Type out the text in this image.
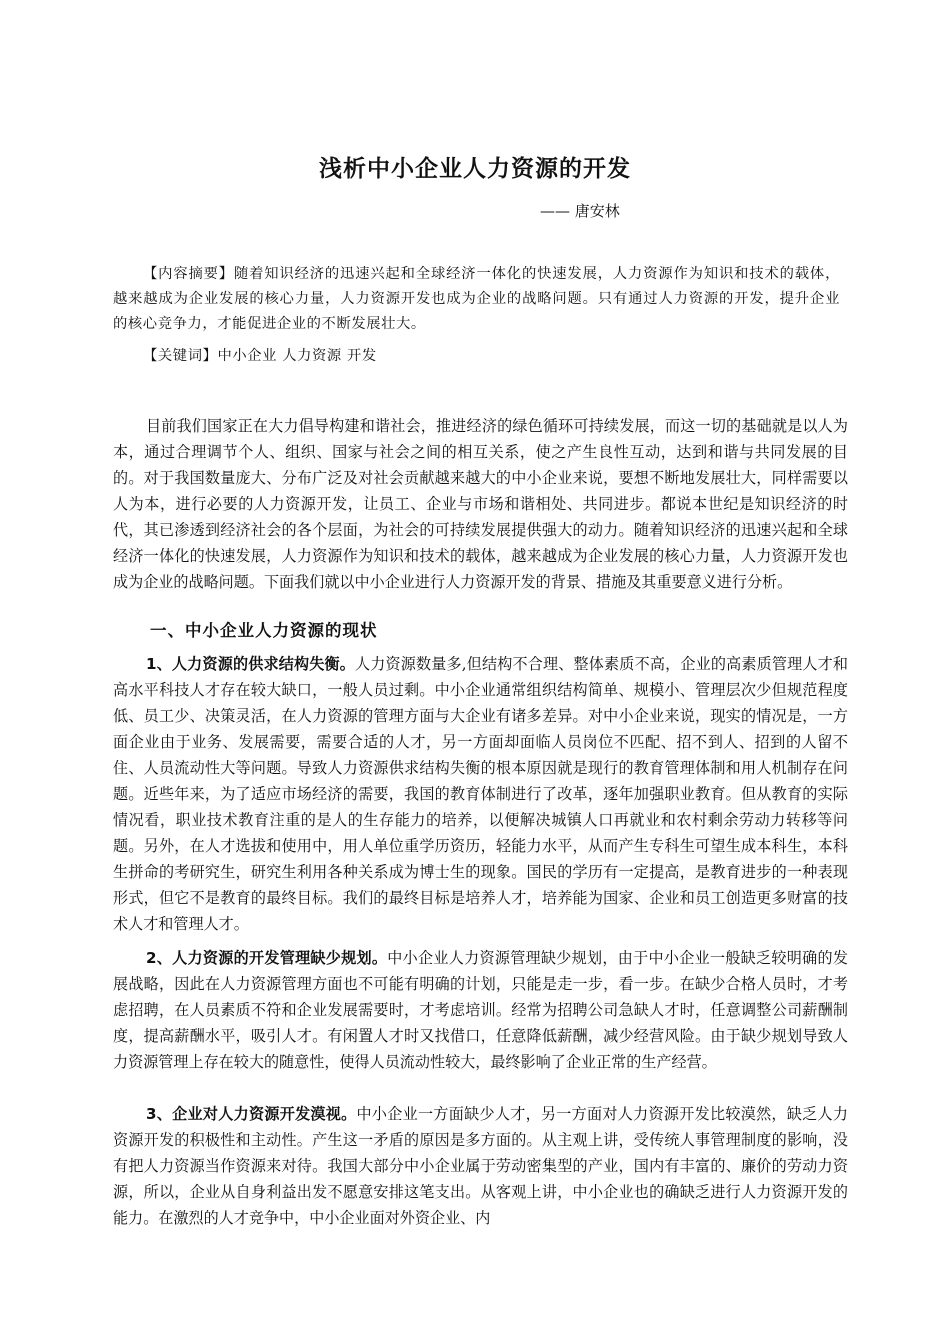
浅析中小企业人力资源的开发
—— 唐安林
【内容摘要】随着知识经济的迅速兴起和全球经济一体化的快速发展，人力资源作为知识和技术的载体，越来越成为企业发展的核心力量，人力资源开发也成为企业的战略问题。只有通过人力资源的开发，提升企业的核心竞争力，才能促进企业的不断发展壮大。
【关键词】中小企业 人力资源 开发

目前我们国家正在大力倡导构建和谐社会，推进经济的绿色循环可持续发展，而这一切的基础就是以人为本，通过合理调节个人、组织、国家与社会之间的相互关系，使之产生良性互动，达到和谐与共同发展的目的。对于我国数量庞大、分布广泛及对社会贡献越来越大的中小企业来说，要想不断地发展壮大，同样需要以人为本，进行必要的人力资源开发，让员工、企业与市场和谐相处、共同进步。都说本世纪是知识经济的时代，其已渗透到经济社会的各个层面，为社会的可持续发展提供强大的动力。随着知识经济的迅速兴起和全球经济一体化的快速发展，人力资源作为知识和技术的载体，越来越成为企业发展的核心力量，人力资源开发也成为企业的战略问题。下面我们就以中小企业进行人力资源开发的背景、措施及其重要意义进行分析。

一、中小企业人力资源的现状

1、人力资源的供求结构失衡。人力资源数量多,但结构不合理、整体素质不高，企业的高素质管理人才和高水平科技人才存在较大缺口，一般人员过剩。中小企业通常组织结构简单、规模小、管理层次少但规范程度低、员工少、决策灵活，在人力资源的管理方面与大企业有诸多差异。对中小企业来说，现实的情况是，一方面企业由于业务、发展需要，需要合适的人才，另一方面却面临人员岗位不匹配、招不到人、招到的人留不住、人员流动性大等问题。导致人力资源供求结构失衡的根本原因就是现行的教育管理体制和用人机制存在问题。近些年来，为了适应市场经济的需要，我国的教育体制进行了改革，逐年加强职业教育。但从教育的实际情况看，职业技术教育注重的是人的生存能力的培养，以便解决城镇人口再就业和农村剩余劳动力转移等问题。另外，在人才选拔和使用中，用人单位重学历资历，轻能力水平，从而产生专科生可望生成本科生，本科生拼命的考研究生，研究生利用各种关系成为博士生的现象。国民的学历有一定提高，是教育进步的一种表现形式，但它不是教育的最终目标。我们的最终目标是培养人才，培养能为国家、企业和员工创造更多财富的技术人才和管理人才。

2、人力资源的开发管理缺少规划。中小企业人力资源管理缺少规划，由于中小企业一般缺乏较明确的发展战略，因此在人力资源管理方面也不可能有明确的计划，只能是走一步，看一步。在缺少合格人员时，才考虑招聘，在人员素质不符和企业发展需要时，才考虑培训。经常为招聘公司急缺人才时，任意调整公司薪酬制度，提高薪酬水平，吸引人才。有闲置人才时又找借口，任意降低薪酬，减少经营风险。由于缺少规划导致人力资源管理上存在较大的随意性，使得人员流动性较大，最终影响了企业正常的生产经营。

3、企业对人力资源开发漠视。中小企业一方面缺少人才，另一方面对人力资源开发比较漠然，缺乏人力资源开发的积极性和主动性。产生这一矛盾的原因是多方面的。从主观上讲，受传统人事管理制度的影响，没有把人力资源当作资源来对待。我国大部分中小企业属于劳动密集型的产业，国内有丰富的、廉价的劳动力资源，所以，企业从自身利益出发不愿意安排这笔支出。从客观上讲，中小企业也的确缺乏进行人力资源开发的能力。在激烈的人才竞争中，中小企业面对外资企业、内
